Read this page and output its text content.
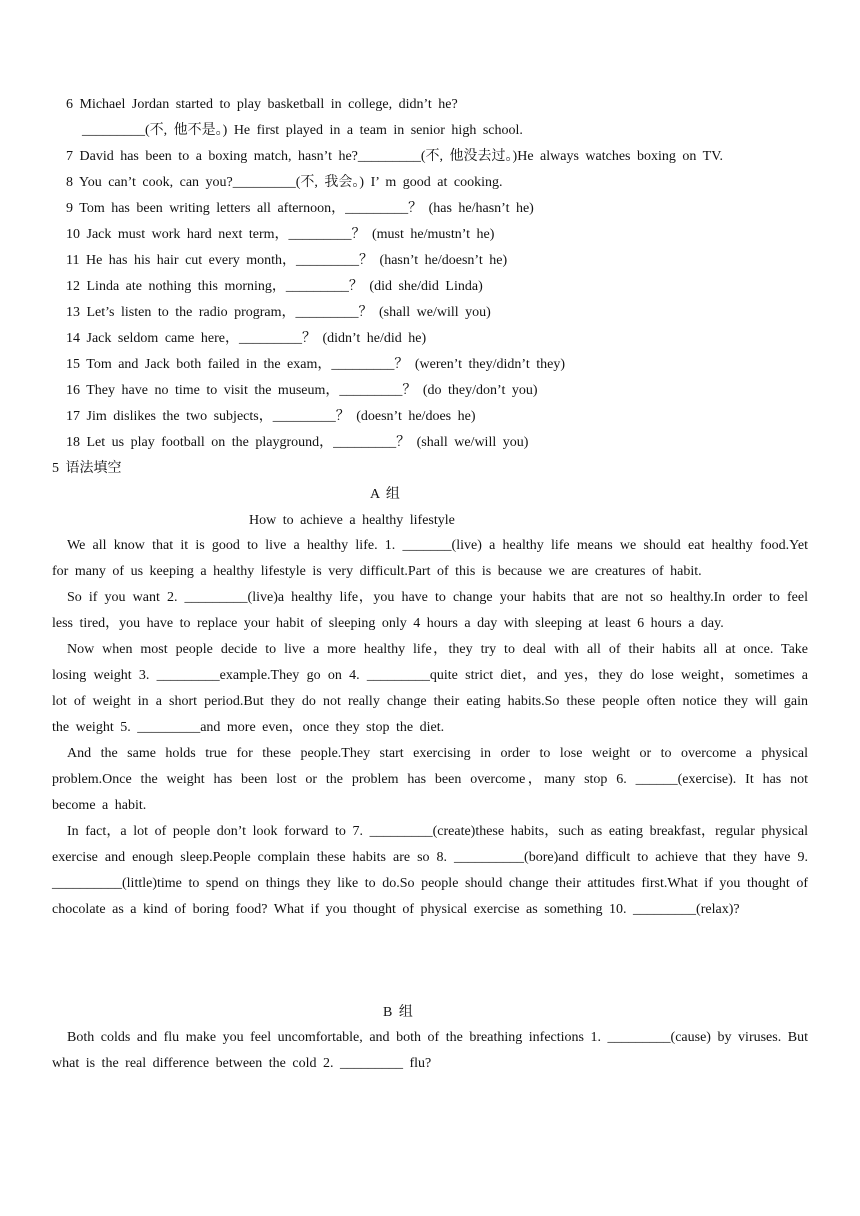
6 Michael Jordan started to play basketball in college, didn’t he?
_________(不, 他不是。) He first played in a team in senior high school.
7 David has been to a boxing match, hasn’t he?_________(不, 他没去过。)He always watches boxing on TV.
8 You can’t cook, can you?_________(不, 我会。) I’ m good at cooking.
9 Tom has been writing letters all afternoon，_________？ (has he/hasn’t he)
10 Jack must work hard next term，_________？ (must he/mustn’t he)
11 He has his hair cut every month，_________？ (hasn’t he/doesn’t he)
12 Linda ate nothing this morning，_________？ (did she/did Linda)
13 Let’s listen to the radio program，_________？ (shall we/will you)
14 Jack seldom came here，_________？ (didn’t he/did he)
15 Tom and Jack both failed in the exam，_________？ (weren’t they/didn’t they)
16 They have no time to visit the museum，_________？ (do they/don’t you)
17 Jim dislikes the two subjects，_________？ (doesn’t he/does he)
18 Let us play football on the playground，_________？ (shall we/will you)
5 语法填空
A 组
How to achieve a healthy lifestyle

We all know that it is good to live a healthy life. 1. _______(live) a healthy life means we should eat healthy food.Yet for many of us keeping a healthy lifestyle is very difficult.Part of this is because we are creatures of habit.

So if you want 2. _________(live)a healthy life，you have to change your habits that are not so healthy.In order to feel less tired，you have to replace your habit of sleeping only 4 hours a day with sleeping at least 6 hours a day.

Now when most people decide to live a more healthy life，they try to deal with all of their habits all at once. Take losing weight 3. _________example.They go on 4. _________quite strict diet，and yes，they do lose weight，sometimes a lot of weight in a short period.But they do not really change their eating habits.So these people often notice they will gain the weight 5. _________and more even，once they stop the diet.

And the same holds true for these people.They start exercising in order to lose weight or to overcome a physical problem.Once the weight has been lost or the problem has been overcome，many stop 6. ______(exercise). It has not become a habit.

In fact，a lot of people don’t look forward to 7. _________(create)these habits，such as eating breakfast，regular physical exercise and enough sleep.People complain these habits are so 8. __________(bore)and difficult to achieve that they have 9. __________(little)time to spend on things they like to do.So people should change their attitudes first.What if you thought of chocolate as a kind of boring food? What if you thought of physical exercise as something 10. _________(relax)?

B 组

Both colds and flu make you feel uncomfortable, and both of the breathing infections 1. _________(cause) by viruses. But what is the real difference between the cold 2. _________ flu?
